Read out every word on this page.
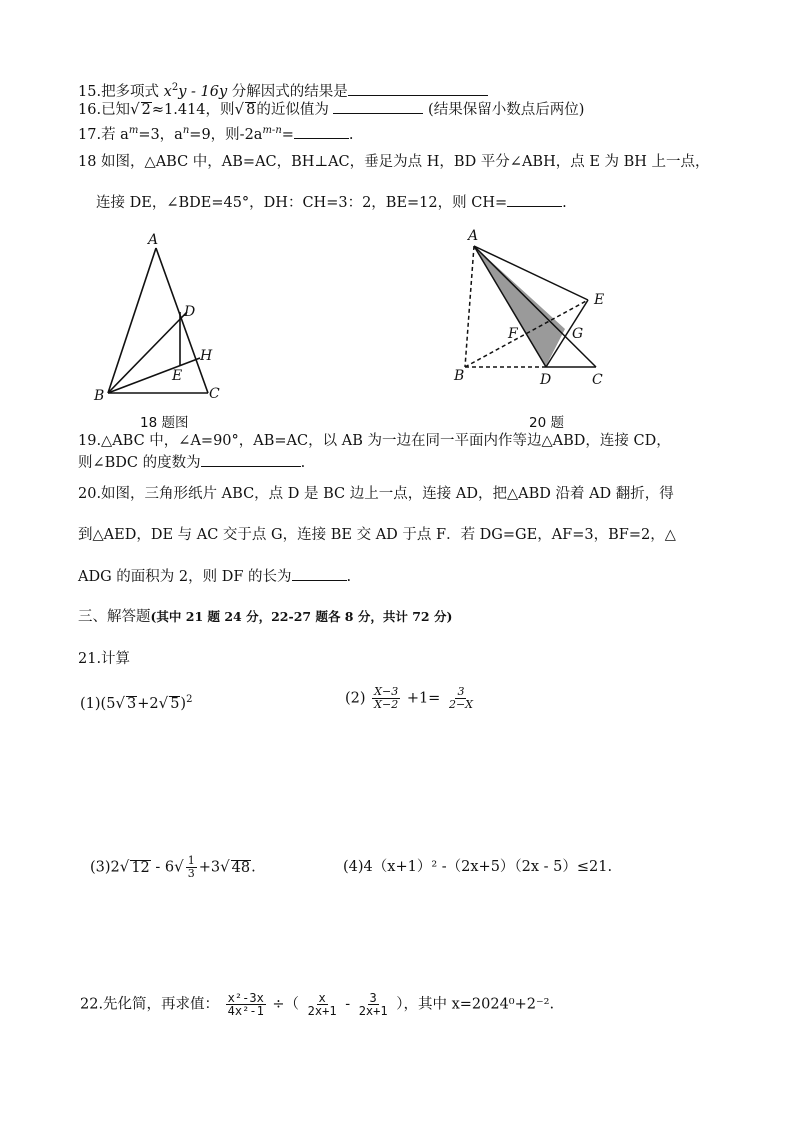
15.把多项式 $x^2y - 16y$ 分解因式的结果是
16.已知√ 2≈1.414，则√ 8的近似值为	(结果保留小数点后两位)
17.若 $a^m=3$，$a^n=9$，则$-2a^{m-n}=$	.
18 如图，△ABC 中，AB=AC，BH⊥AC，垂足为点 H，BD 平分∠ABH，点 E 为 BH 上一点，
连接 DE，∠BDE=45°，DH：CH=3：2，BE=12，则 CH=	.
A
D
H
E
B	C
18 题图
A
E
F	G
B	D	C
20 题
19.△ABC 中，∠A=90°，AB=AC，以 AB 为一边在同一平面内作等边△ABD，连接 CD，
则∠BDC 的度数为	.
20.如图，三角形纸片 ABC，点 D 是 BC 边上一点，连接 AD，把△ABD 沿着 AD 翻折，得
到△AED，DE 与 AC 交于点 G，连接 BE 交 AD 于点 F．若 DG=GE，AF=3，BF=2，△
ADG 的面积为 2，则 DF 的长为	.
三、解答题(其中 21 题 24 分，22-27 题各 8 分，共计 72 分)
21.计算
(1)(5√ 3+2√ 5)$^2$	$(2) \frac{X-3}{X-2} +1= \frac{3}{2-X}$
(3)2√ $12 - 6√ \frac{1}{3} +3√$ 48.	(4)4（x+1）² -（2x+5）（2x - 5）≤21.
22.先化简，再求值： $\frac{\text{x²-3x}}{\text{4x²-1}}$ ÷（ $\frac{x}{2x+1} - \frac{3}{2x+1}$ ），其中 x=2024⁰+2⁻².
